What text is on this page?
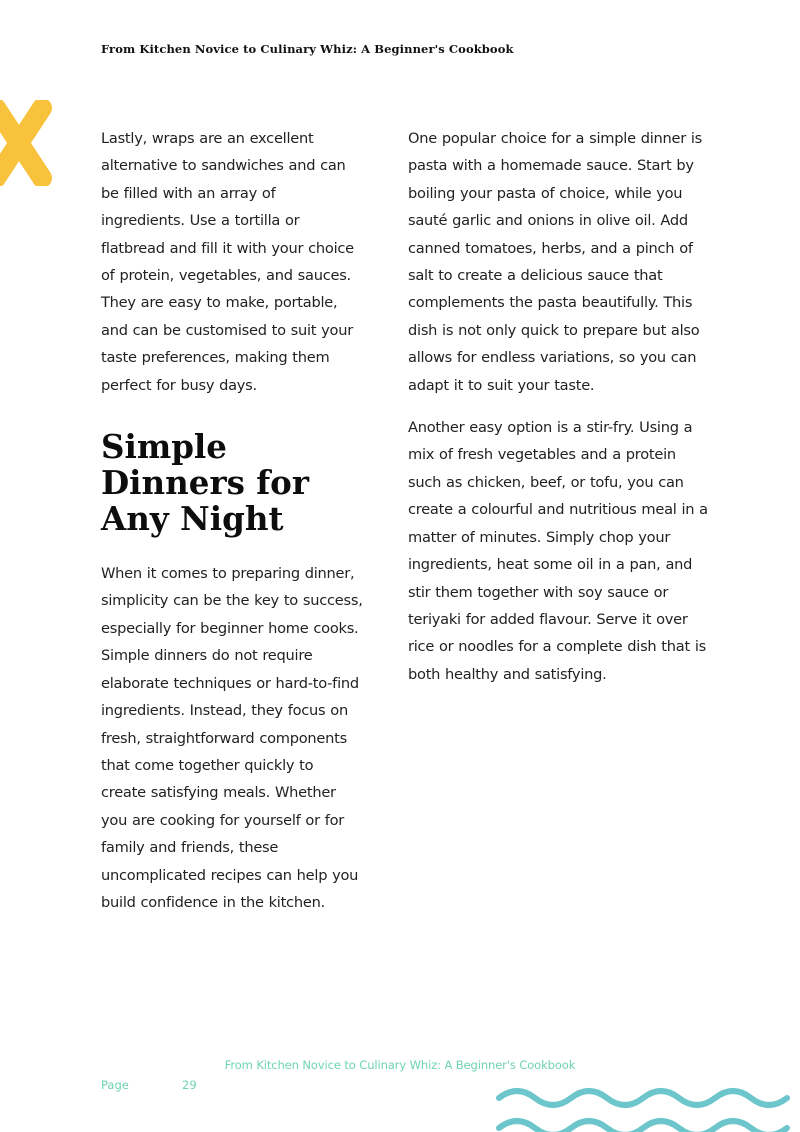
From Kitchen Novice to Culinary Whiz: A Beginner's Cookbook

Lastly, wraps are an excellent alternative to sandwiches and can be filled with an array of ingredients. Use a tortilla or flatbread and fill it with your choice of protein, vegetables, and sauces. They are easy to make, portable, and can be customised to suit your taste preferences, making them perfect for busy days.

Simple Dinners for Any Night

When it comes to preparing dinner, simplicity can be the key to success, especially for beginner home cooks. Simple dinners do not require elaborate techniques or hard-to-find ingredients. Instead, they focus on fresh, straightforward components that come together quickly to create satisfying meals. Whether you are cooking for yourself or for family and friends, these uncomplicated recipes can help you build confidence in the kitchen.

One popular choice for a simple dinner is pasta with a homemade sauce. Start by boiling your pasta of choice, while you sauté garlic and onions in olive oil. Add canned tomatoes, herbs, and a pinch of salt to create a delicious sauce that complements the pasta beautifully. This dish is not only quick to prepare but also allows for endless variations, so you can adapt it to suit your taste.

Another easy option is a stir-fry. Using a mix of fresh vegetables and a protein such as chicken, beef, or tofu, you can create a colourful and nutritious meal in a matter of minutes. Simply chop your ingredients, heat some oil in a pan, and stir them together with soy sauce or teriyaki for added flavour. Serve it over rice or noodles for a complete dish that is both healthy and satisfying.

From Kitchen Novice to Culinary Whiz: A Beginner's Cookbook
Page	29
